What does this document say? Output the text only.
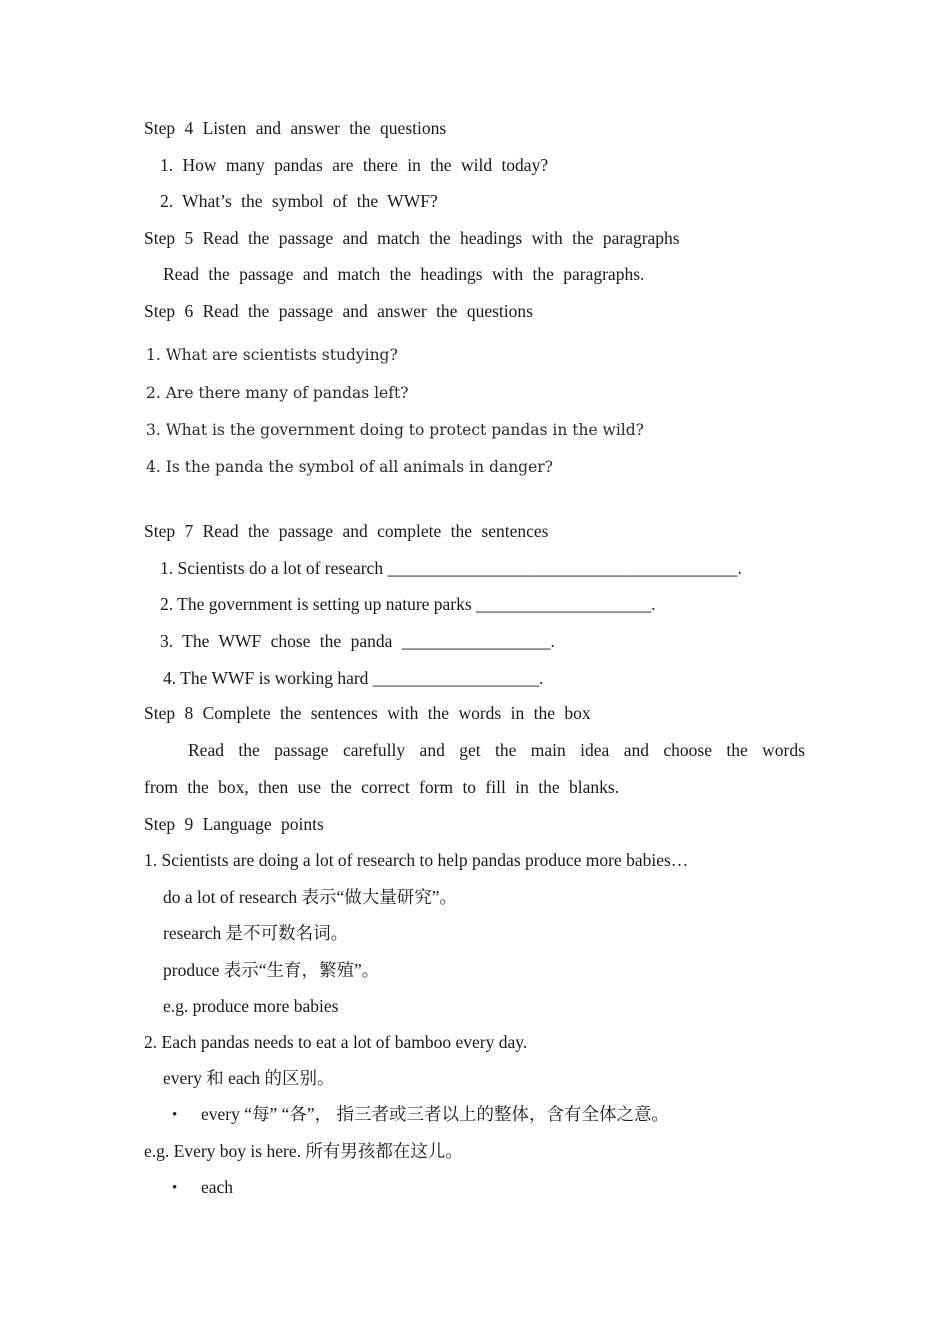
Step 4 Listen and answer the questions
1. How many pandas are there in the wild today?
2. What’s the symbol of the WWF?
Step 5 Read the passage and match the headings with the paragraphs
Read the passage and match the headings with the paragraphs.
Step 6 Read the passage and answer the questions
1. What are scientists studying?
2. Are there many of pandas left?
3. What is the government doing to protect pandas in the wild?
4. Is the panda the symbol of all animals in danger?
Step 7 Read the passage and complete the sentences
1. Scientists do a lot of research ________________________________________.
2. The government is setting up nature parks ____________________.
3. The WWF chose the panda _________________.
4. The WWF is working hard ___________________.
Step 8 Complete the sentences with the words in the box
Read the passage carefully and get the main idea and choose the words
from the box, then use the correct form to fill in the blanks.
Step 9 Language points
1. Scientists are doing a lot of research to help pandas produce more babies…
do a lot of research 表示“做大量研究”。
research 是不可数名词。
produce 表示“生育，繁殖”。
e.g. produce more babies
2. Each pandas needs to eat a lot of bamboo every day.
every 和 each 的区别。
• every “每” “各”， 指三者或三者以上的整体，含有全体之意。
e.g. Every boy is here. 所有男孩都在这儿。
• each
